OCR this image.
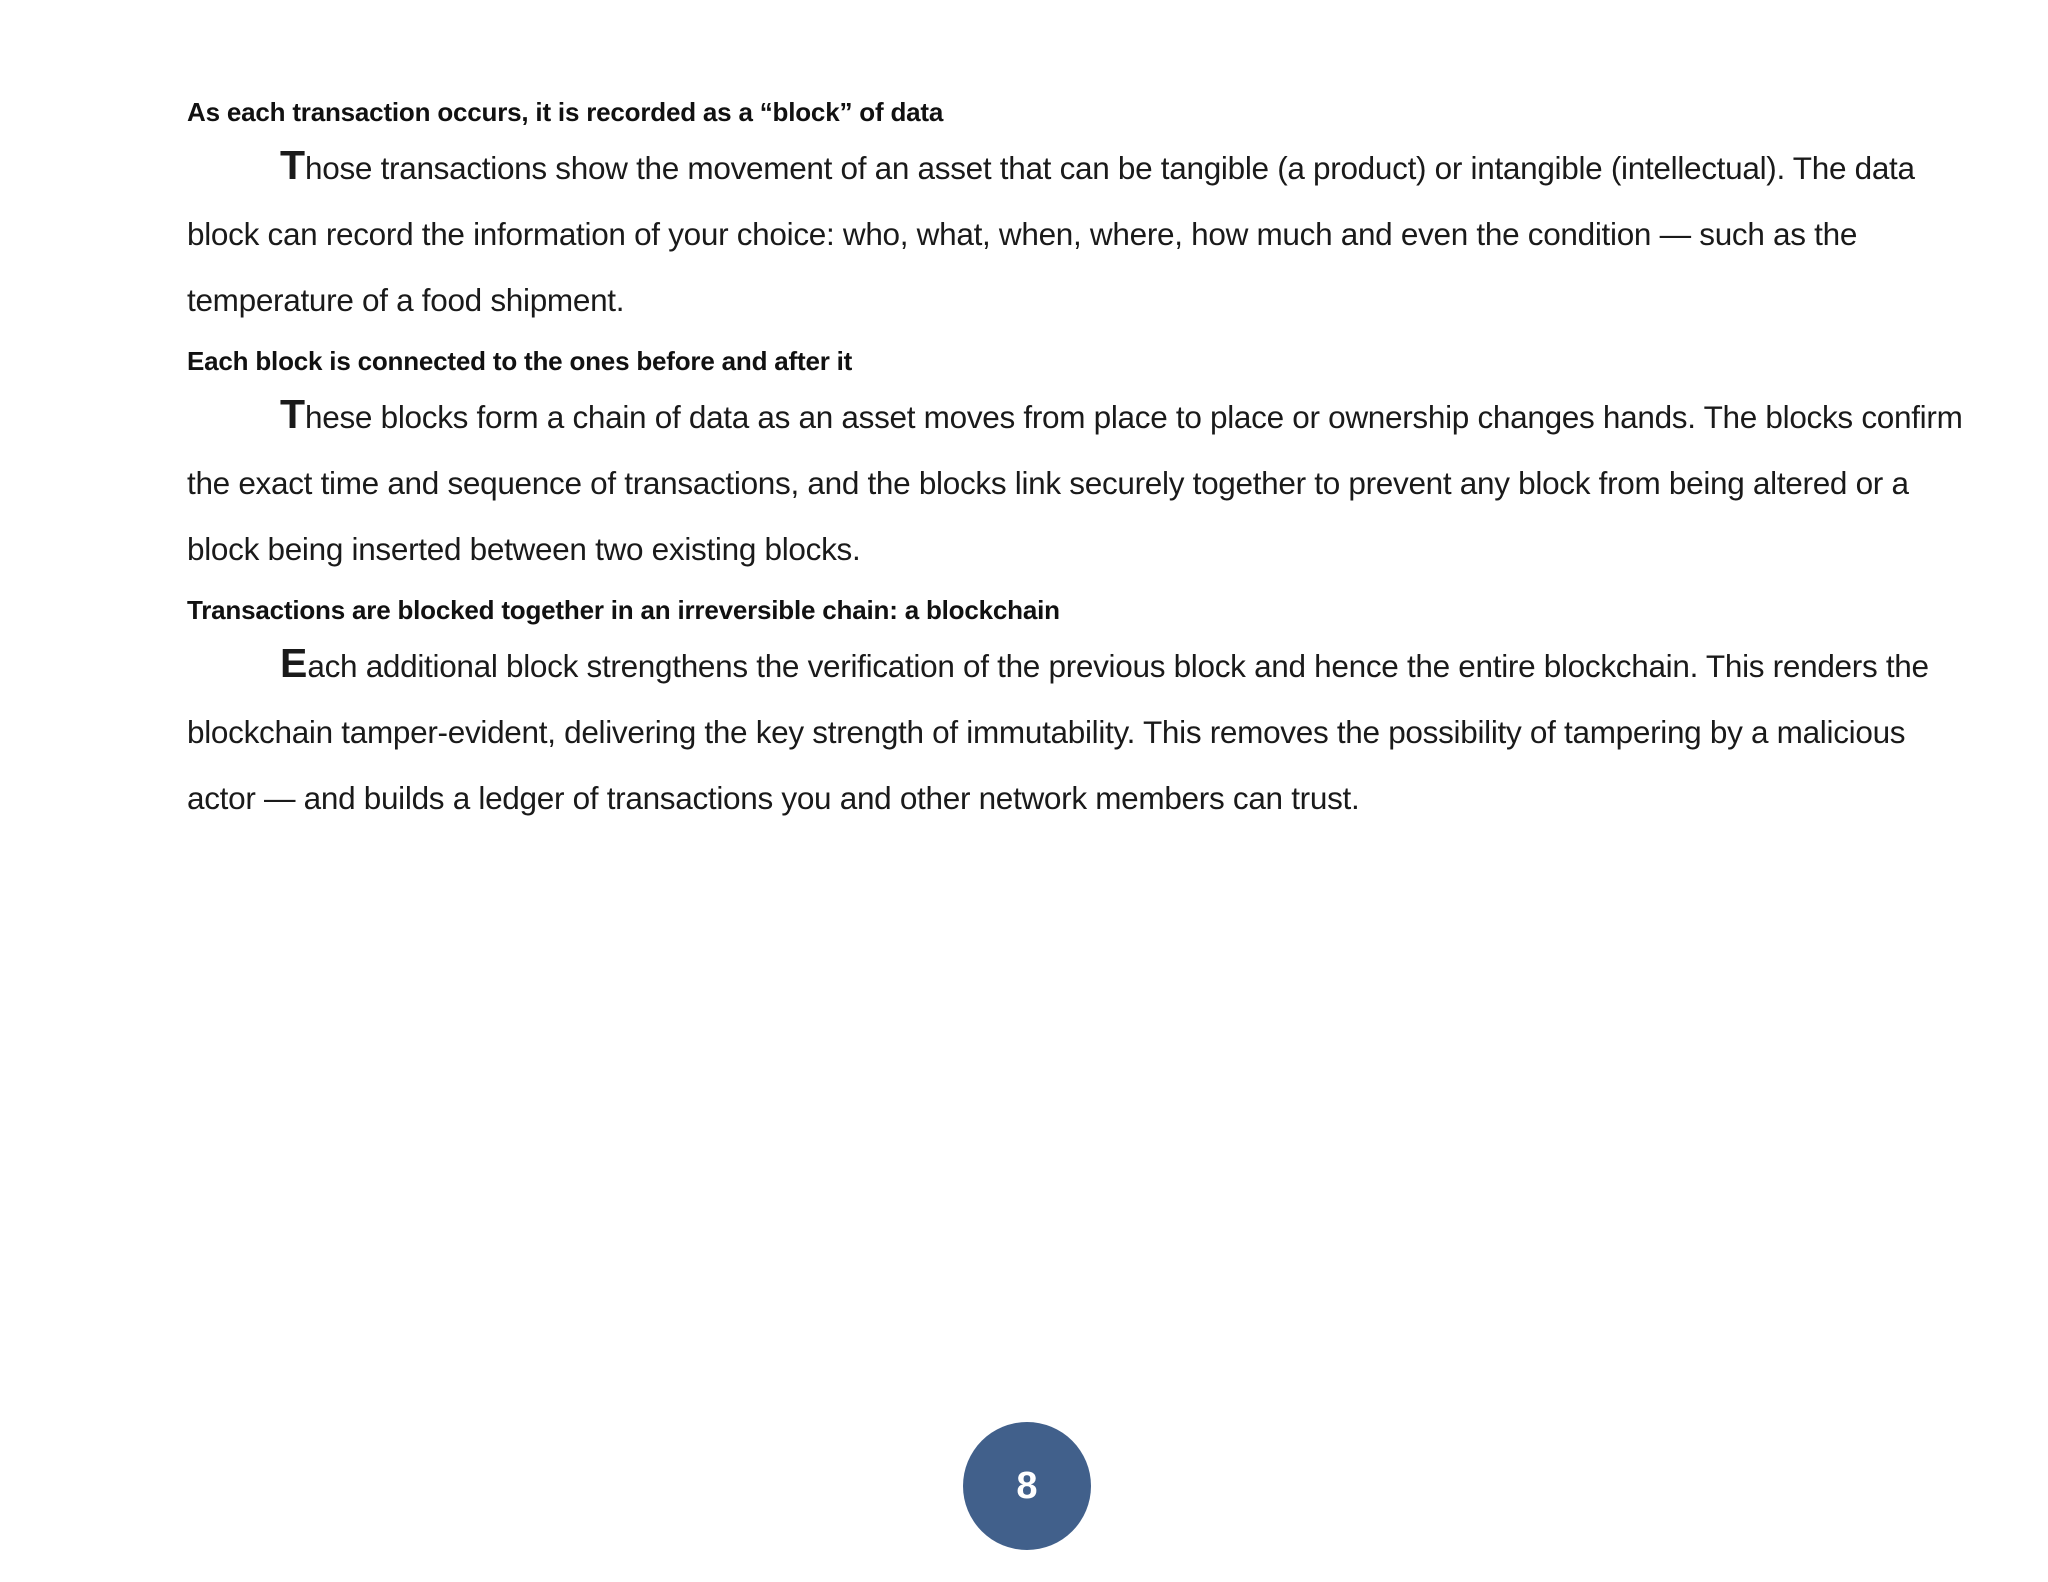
As each transaction occurs, it is recorded as a “block” of data

Those transactions show the movement of an asset that can be tangible (a product) or intangible (intellectual). The data block can record the information of your choice: who, what, when, where, how much and even the condition — such as the temperature of a food shipment.

Each block is connected to the ones before and after it

These blocks form a chain of data as an asset moves from place to place or ownership changes hands. The blocks confirm the exact time and sequence of transactions, and the blocks link securely together to prevent any block from being altered or a block being inserted between two existing blocks.

Transactions are blocked together in an irreversible chain: a blockchain

Each additional block strengthens the verification of the previous block and hence the entire blockchain. This renders the blockchain tamper-evident, delivering the key strength of immutability. This removes the possibility of tampering by a malicious actor — and builds a ledger of transactions you and other network members can trust.

8
